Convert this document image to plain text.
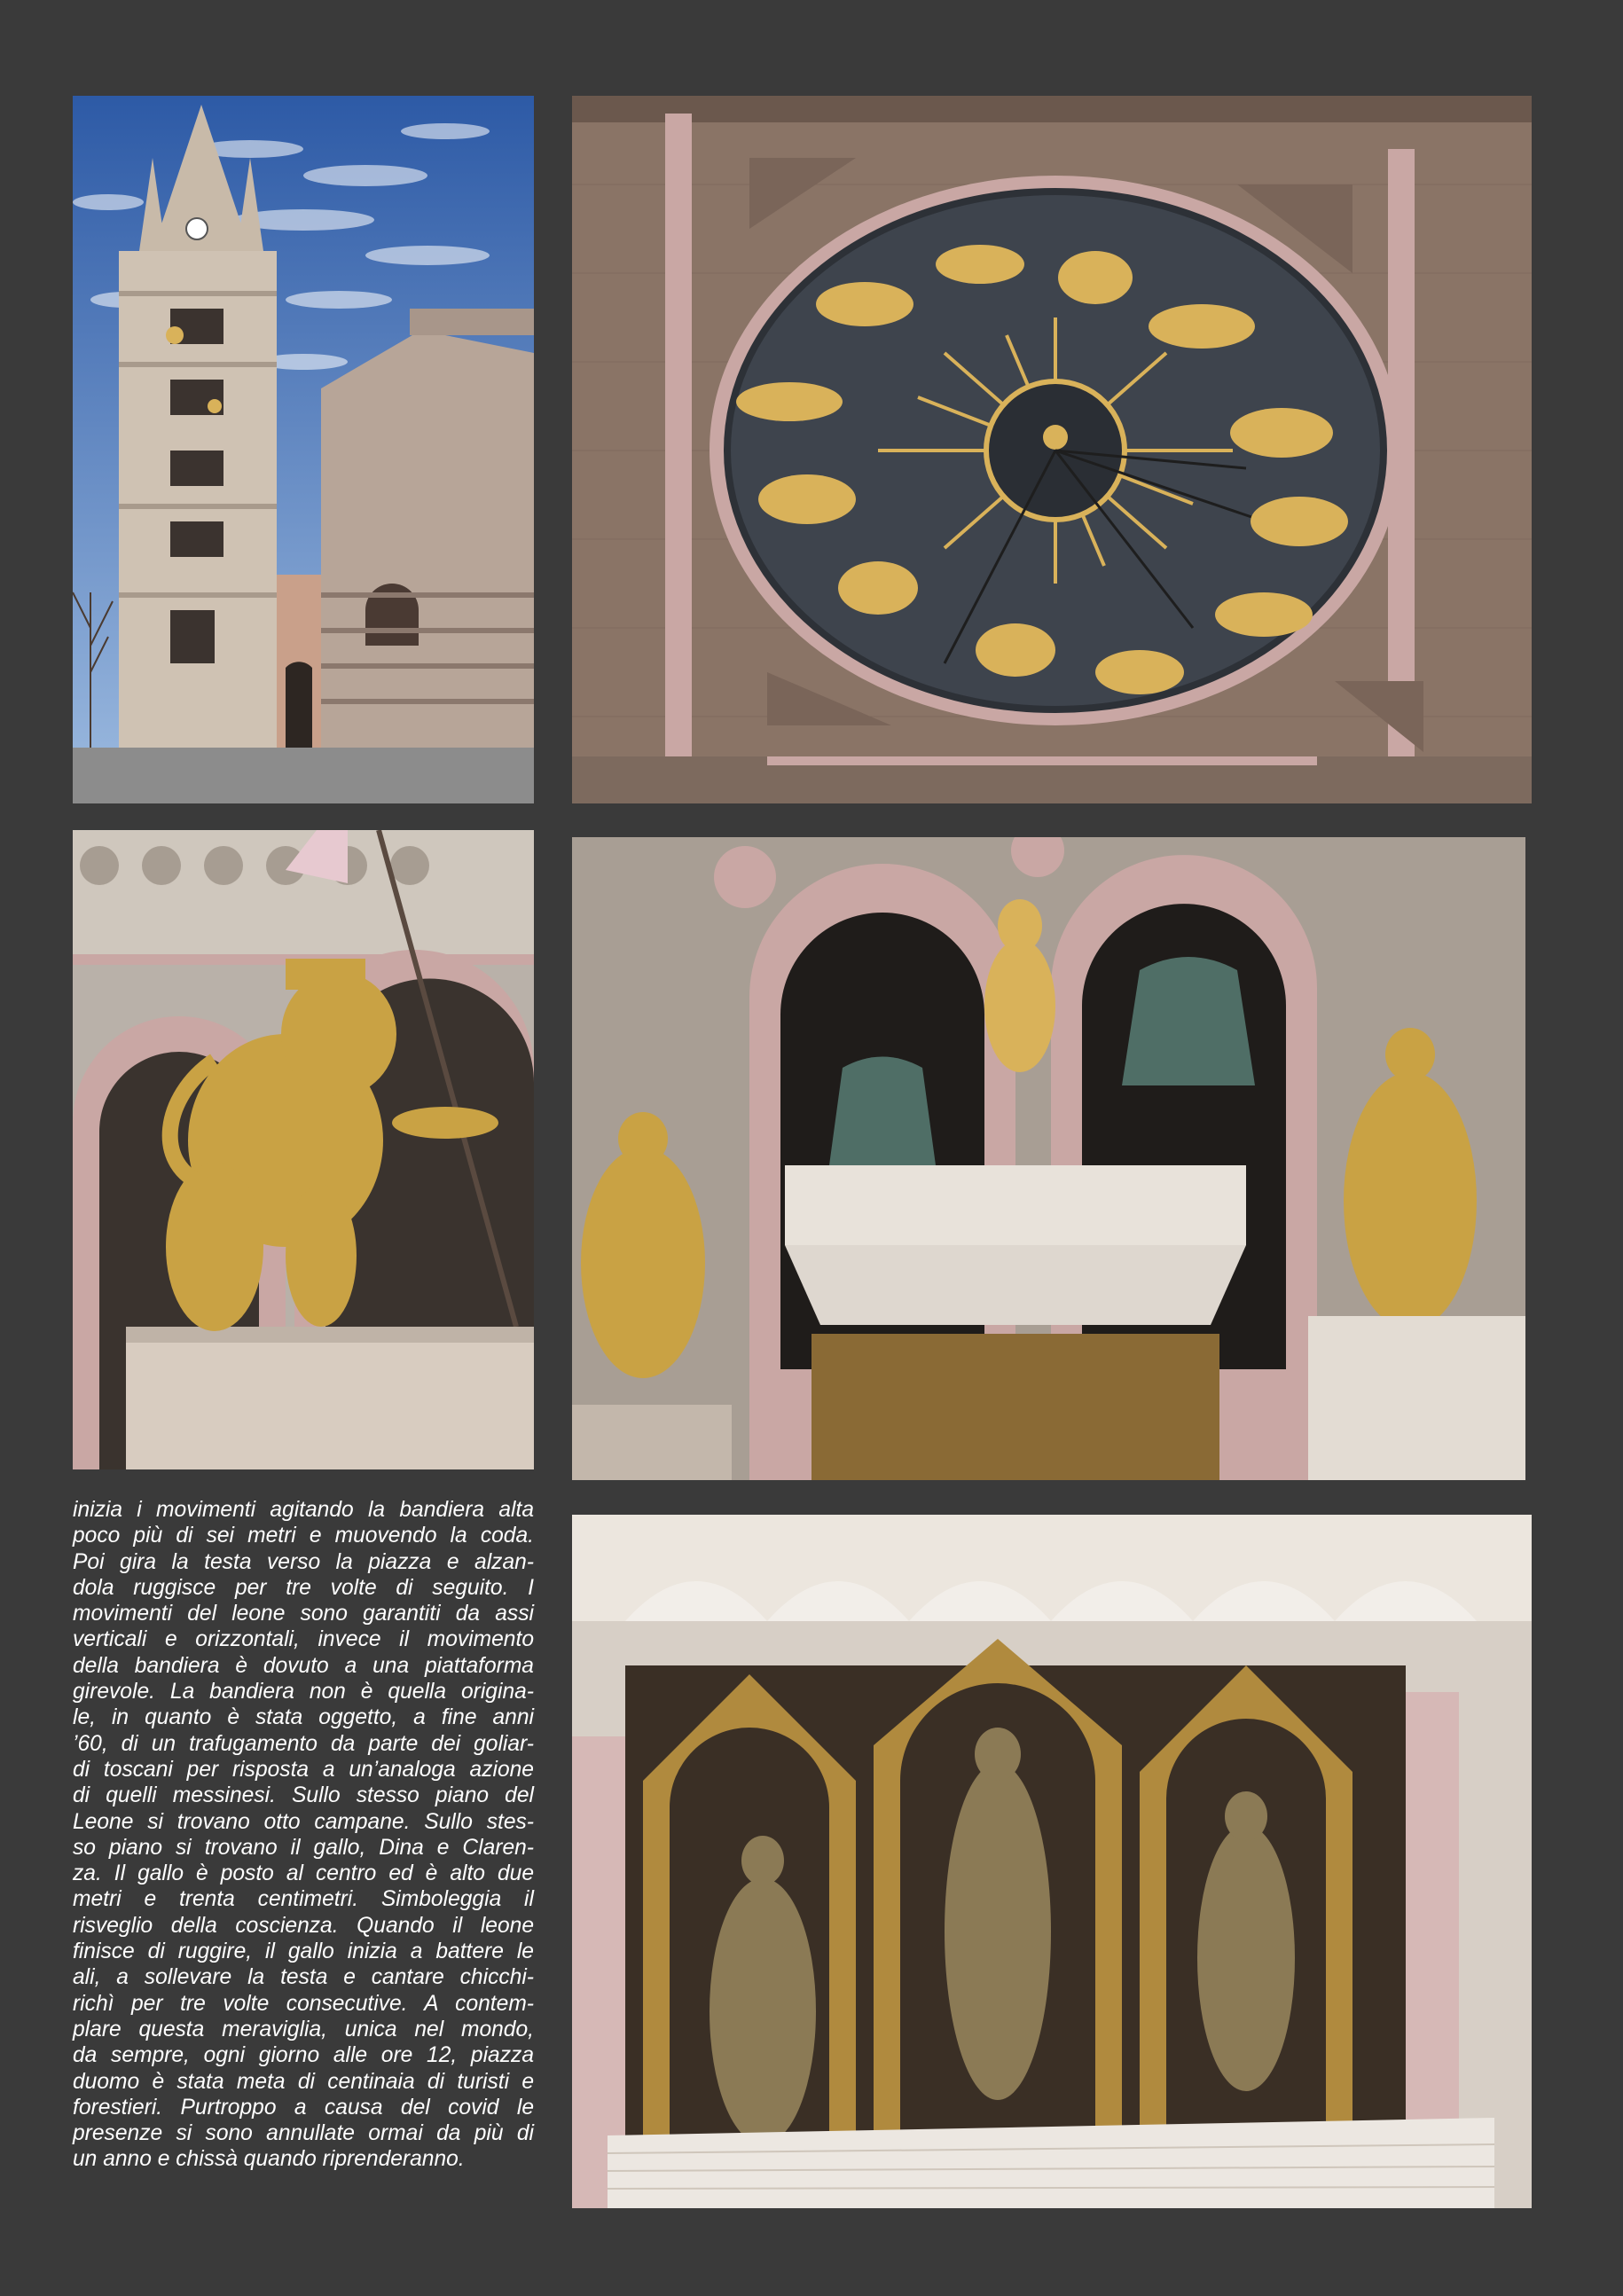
inizia i movimenti agitando la bandiera alta
poco più di sei metri e muovendo la coda.
Poi gira la testa verso la piazza e alzan-
dola ruggisce per tre volte di seguito. I
movimenti del leone sono garantiti da assi
verticali e orizzontali, invece il movimento
della bandiera è dovuto a una piattaforma
girevole. La bandiera non è quella origina-
le, in quanto è stata oggetto, a fine anni
’60, di un trafugamento da parte dei goliar-
di toscani per risposta a un’analoga azione
di quelli messinesi. Sullo stesso piano del
Leone si trovano otto campane. Sullo stes-
so piano si trovano il gallo, Dina e Claren-
za. Il gallo è posto al centro ed è alto due
metri e trenta centimetri. Simboleggia il
risveglio della coscienza. Quando il leone
finisce di ruggire, il gallo inizia a battere le
ali, a sollevare la testa e cantare chicchi-
richì per tre volte consecutive. A contem-
plare questa meraviglia, unica nel mondo,
da sempre, ogni giorno alle ore 12, piazza
duomo è stata meta di centinaia di turisti e
forestieri. Purtroppo a causa del covid le
presenze si sono annullate ormai da più di
un anno e chissà quando riprenderanno.
